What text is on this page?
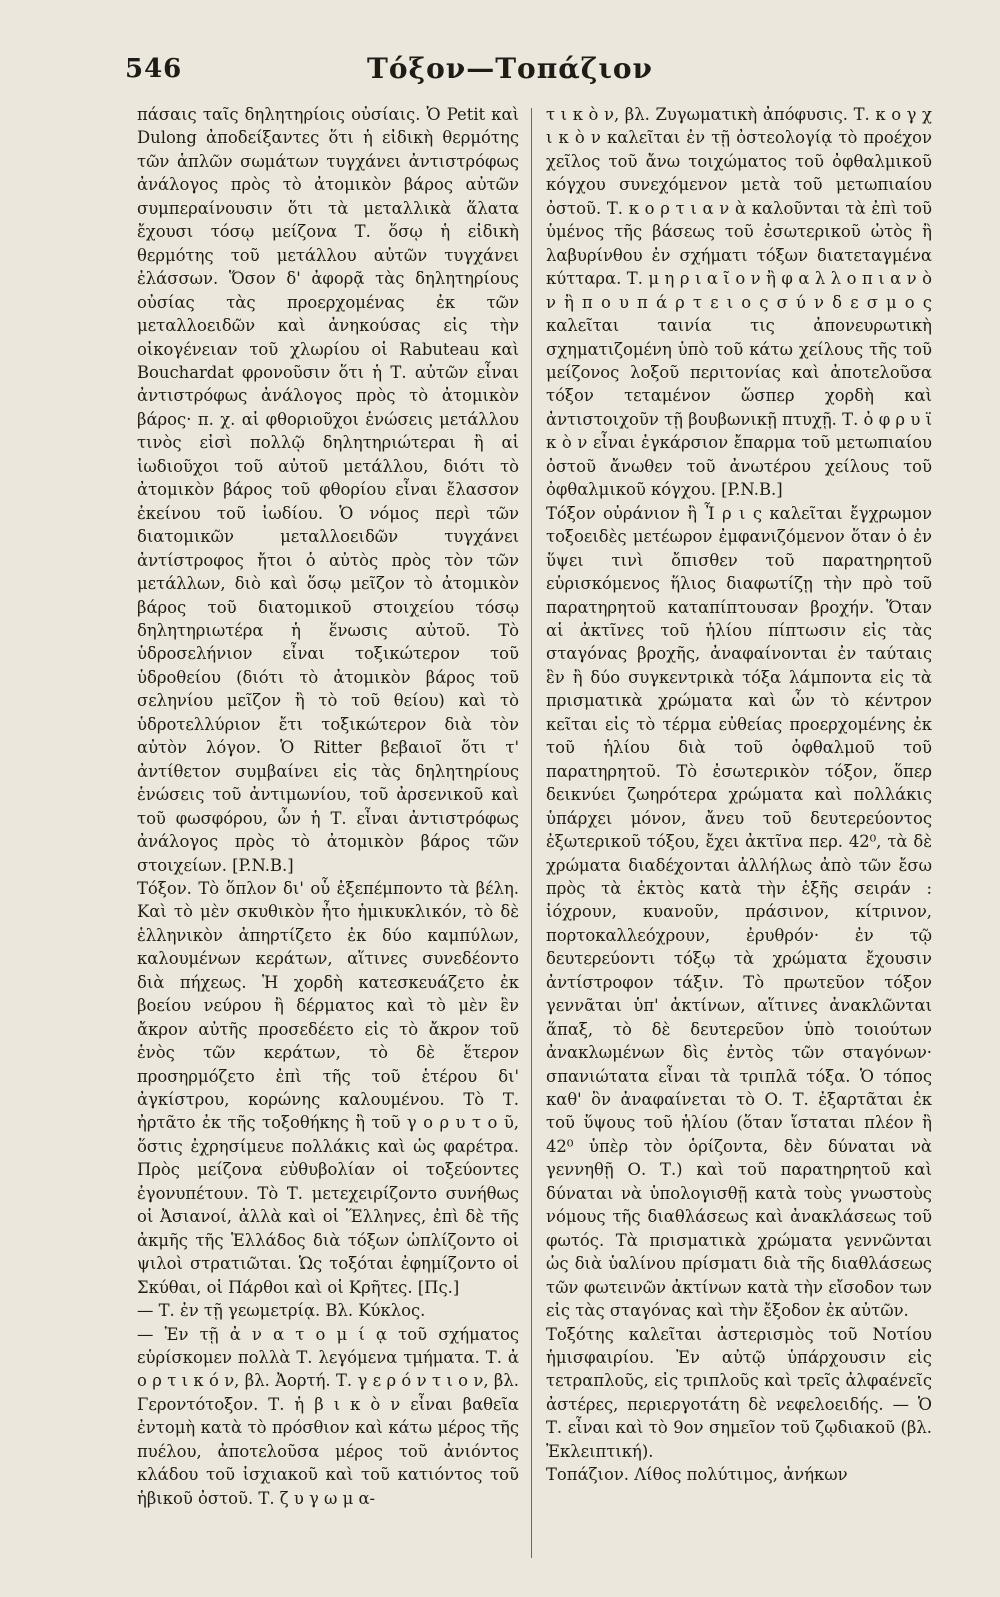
546	Τόξον—Τοπάζιον

πάσαις ταῖς δηλητηρίοις οὐσίαις. Ὁ Petit καὶ Dulong ἀποδείξαντες ὅτι ἡ εἰδικὴ θερμότης τῶν ἁπλῶν σωμάτων τυγχάνει ἀντιστρόφως ἀνάλογος πρὸς τὸ ἀτομικὸν βάρος αὐτῶν συμπεραίνουσιν ὅτι τὰ μεταλλικὰ ἅλατα ἔχουσι τόσῳ μείζονα Τ. ὅσῳ ἡ εἰδικὴ θερμότης τοῦ μετάλλου αὐτῶν τυγχάνει ἐλάσσων. Ὅσον δ' ἀφορᾷ τὰς δηλητηρίους οὐσίας τὰς προερχομένας ἐκ τῶν μεταλλοειδῶν καὶ ἀνηκούσας εἰς τὴν οἰκογένειαν τοῦ χλωρίου οἱ Rabuteau καὶ Bouchardat φρονοῦσιν ὅτι ἡ Τ. αὐτῶν εἶναι ἀντιστρόφως ἀνάλογος πρὸς τὸ ἀτομικὸν βάρος· π. χ. αἱ φθοριοῦχοι ἑνώσεις μετάλλου τινὸς εἰσὶ πολλῷ δηλητηριώτεραι ἢ αἱ ἰωδιοῦχοι τοῦ αὐτοῦ μετάλλου, διότι τὸ ἀτομικὸν βάρος τοῦ φθορίου εἶναι ἔλασσον ἐκείνου τοῦ ἰωδίου. Ὁ νόμος περὶ τῶν διατομικῶν μεταλλοειδῶν τυγχάνει ἀντίστροφος ἤτοι ὁ αὐτὸς πρὸς τὸν τῶν μετάλλων, διὸ καὶ ὅσῳ μεῖζον τὸ ἀτομικὸν βάρος τοῦ διατομικοῦ στοιχείου τόσῳ δηλητηριωτέρα ἡ ἕνωσις αὐτοῦ. Τὸ ὑδροσελήνιον εἶναι τοξικώτερον τοῦ ὑδροθείου (διότι τὸ ἀτομικὸν βάρος τοῦ σεληνίου μεῖζον ἢ τὸ τοῦ θείου) καὶ τὸ ὑδροτελλύριον ἔτι τοξικώτερον διὰ τὸν αὐτὸν λόγον. Ὁ Ritter βεβαιοῖ ὅτι τ' ἀντίθετον συμβαίνει εἰς τὰς δηλητηρίους ἑνώσεις τοῦ ἀντιμωνίου, τοῦ ἀρσενικοῦ καὶ τοῦ φωσφόρου, ὧν ἡ Τ. εἶναι ἀντιστρόφως ἀνάλογος πρὸς τὸ ἀτομικὸν βάρος τῶν στοιχείων. [P.N.B.]

Τόξον. Τὸ ὅπλον δι' οὗ ἐξεπέμποντο τὰ βέλη. Καὶ τὸ μὲν σκυθικὸν ἦτο ἡμικυκλικόν, τὸ δὲ ἑλληνικὸν ἀπηρτίζετο ἐκ δύο καμπύλων, καλουμένων κεράτων, αἵτινες συνεδέοντο διὰ πήχεως. Ἡ χορδὴ κατεσκευάζετο ἐκ βοείου νεύρου ἢ δέρματος καὶ τὸ μὲν ἓν ἄκρον αὐτῆς προσεδέετο εἰς τὸ ἄκρον τοῦ ἑνὸς τῶν κεράτων, τὸ δὲ ἕτερον προσηρμόζετο ἐπὶ τῆς τοῦ ἑτέρου δι' ἀγκίστρου, κορώνης καλουμένου. Τὸ Τ. ἠρτᾶτο ἐκ τῆς τοξοθήκης ἢ τοῦ γ ο ρ υ τ ο ῦ, ὅστις ἐχρησίμευε πολλάκις καὶ ὡς φαρέτρα. Πρὸς μείζονα εὐθυβολίαν οἱ τοξεύοντες ἐγονυπέτουν. Τὸ Τ. μετεχειρίζοντο συνήθως οἱ Ἀσιανοί, ἀλλὰ καὶ οἱ Ἕλληνες, ἐπὶ δὲ τῆς ἀκμῆς τῆς Ἑλλάδος διὰ τόξων ὡπλίζοντο οἱ ψιλοὶ στρατιῶται. Ὡς τοξόται ἐφημίζοντο οἱ Σκύθαι, οἱ Πάρθοι καὶ οἱ Κρῆτες. [Πς.]

— Τ. ἐν τῇ γεωμετρίᾳ. Βλ. Κύκλος.

— Ἐν τῇ ἀ ν α τ ο μ ί ᾳ τοῦ σχήματος εὑρίσκομεν πολλὰ Τ. λεγόμενα τμήματα. Τ. ἀ ο ρ τ ι κ ό ν, βλ. Ἀορτή. Τ. γ ε ρ ό ν τ ι ο ν, βλ. Γεροντότοξον. Τ. ἡ β ι κ ὸ ν εἶναι βαθεῖα ἐντομὴ κατὰ τὸ πρόσθιον καὶ κάτω μέρος τῆς πυέλου, ἀποτελοῦσα μέρος τοῦ ἀνιόντος κλάδου τοῦ ἰσχιακοῦ καὶ τοῦ κατιόντος τοῦ ἡβικοῦ ὀστοῦ. Τ. ζ υ γ ω μ α-

τ ι κ ὸ ν, βλ. Ζυγωματικὴ ἀπόφυσις. Τ. κ ο γ χ ι κ ὸ ν καλεῖται ἐν τῇ ὀστεολογίᾳ τὸ προέχον χεῖλος τοῦ ἄνω τοιχώματος τοῦ ὀφθαλμικοῦ κόγχου συνεχόμενον μετὰ τοῦ μετωπιαίου ὀστοῦ. Τ. κ ο ρ τ ι α ν ὰ καλοῦνται τὰ ἐπὶ τοῦ ὑμένος τῆς βάσεως τοῦ ἐσωτερικοῦ ὠτὸς ἢ λαβυρίνθου ἐν σχήματι τόξων διατεταγμένα κύτταρα. Τ. μ η ρ ι α ῖ ο ν ἢ φ α λ λ ο π ι α ν ὸ ν ἢ π ο υ π ά ρ τ ε ι ο ς σ ύ ν δ ε σ μ ο ς καλεῖται ταινία τις ἀπονευρωτικὴ σχηματιζομένη ὑπὸ τοῦ κάτω χείλους τῆς τοῦ μείζονος λοξοῦ περιτονίας καὶ ἀποτελοῦσα τόξον τεταμένον ὥσπερ χορδὴ καὶ ἀντιστοιχοῦν τῇ βουβωνικῇ πτυχῇ. Τ. ὀ φ ρ υ ϊ κ ὸ ν εἶναι ἐγκάρσιον ἔπαρμα τοῦ μετωπιαίου ὀστοῦ ἄνωθεν τοῦ ἀνωτέρου χείλους τοῦ ὀφθαλμικοῦ κόγχου. [P.N.B.]

Τόξον οὐράνιον ἢ Ἶ ρ ι ς καλεῖται ἔγχρωμον τοξοειδὲς μετέωρον ἐμφανιζόμενον ὅταν ὁ ἐν ὕψει τινὶ ὄπισθεν τοῦ παρατηρητοῦ εὑρισκόμενος ἥλιος διαφωτίζῃ τὴν πρὸ τοῦ παρατηρητοῦ καταπίπτουσαν βροχήν. Ὅταν αἱ ἀκτῖνες τοῦ ἡλίου πίπτωσιν εἰς τὰς σταγόνας βροχῆς, ἀναφαίνονται ἐν ταύταις ἓν ἢ δύο συγκεντρικὰ τόξα λάμποντα εἰς τὰ πρισματικὰ χρώματα καὶ ὧν τὸ κέντρον κεῖται εἰς τὸ τέρμα εὐθείας προερχομένης ἐκ τοῦ ἡλίου διὰ τοῦ ὀφθαλμοῦ τοῦ παρατηρητοῦ. Τὸ ἐσωτερικὸν τόξον, ὅπερ δεικνύει ζωηρότερα χρώματα καὶ πολλάκις ὑπάρχει μόνον, ἄνευ τοῦ δευτερεύοντος ἐξωτερικοῦ τόξου, ἔχει ἀκτῖνα περ. 42⁰, τὰ δὲ χρώματα διαδέχονται ἀλλήλως ἀπὸ τῶν ἔσω πρὸς τὰ ἐκτὸς κατὰ τὴν ἑξῆς σειράν : ἰόχρουν, κυανοῦν, πράσινον, κίτρινον, πορτοκαλλεόχρουν, ἐρυθρόν· ἐν τῷ δευτερεύοντι τόξῳ τὰ χρώματα ἔχουσιν ἀντίστροφον τάξιν. Τὸ πρωτεῦον τόξον γεννᾶται ὑπ' ἀκτίνων, αἵτινες ἀνακλῶνται ἅπαξ, τὸ δὲ δευτερεῦον ὑπὸ τοιούτων ἀνακλωμένων δὶς ἐντὸς τῶν σταγόνων· σπανιώτατα εἶναι τὰ τριπλᾶ τόξα. Ὁ τόπος καθ' ὃν ἀναφαίνεται τὸ Ο. Τ. ἐξαρτᾶται ἐκ τοῦ ὕψους τοῦ ἡλίου (ὅταν ἵσταται πλέον ἢ 42⁰ ὑπὲρ τὸν ὁρίζοντα, δὲν δύναται νὰ γεννηθῇ Ο. Τ.) καὶ τοῦ παρατηρητοῦ καὶ δύναται νὰ ὑπολογισθῇ κατὰ τοὺς γνωστοὺς νόμους τῆς διαθλάσεως καὶ ἀνακλάσεως τοῦ φωτός. Τὰ πρισματικὰ χρώματα γεννῶνται ὡς διὰ ὑαλίνου πρίσματι διὰ τῆς διαθλάσεως τῶν φωτεινῶν ἀκτίνων κατὰ τὴν εἴσοδον των εἰς τὰς σταγόνας καὶ τὴν ἔξοδον ἐκ αὐτῶν.

Τοξότης καλεῖται ἀστερισμὸς τοῦ Νοτίου ἡμισφαιρίου. Ἐν αὐτῷ ὑπάρχουσιν εἰς τετραπλοῦς, εἰς τριπλοῦς καὶ τρεῖς ἀλφαένεῖς ἀστέρες, περιεργοτάτη δὲ νεφελοειδής. — Ὁ Τ. εἶναι καὶ τὸ 9ον σημεῖον τοῦ ζῳδιακοῦ (βλ. Ἐκλειπτική).

Τοπάζιον. Λίθος πολύτιμος, ἀνήκων
